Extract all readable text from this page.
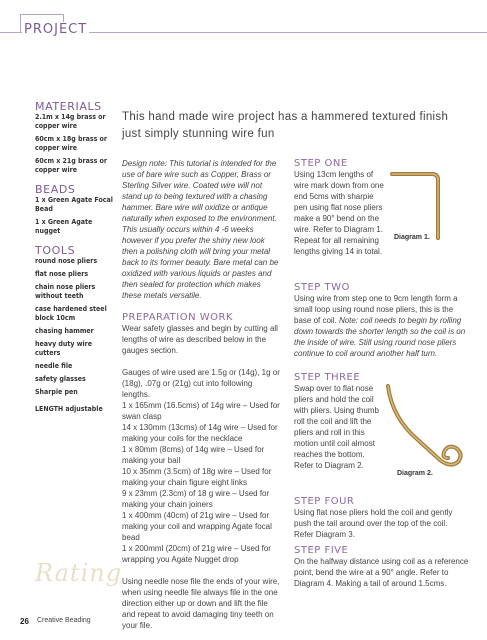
PROJECT
MATERIALS
2.1m x 14g brass or copper wire
60cm x 18g brass or copper wire
60cm x 21g brass or copper wire
BEADS
1 x Green Agate Focal Bead
1 x Green Agate nugget
TOOLS
round nose pliers
flat nose pliers
chain nose pliers without teeth
case hardened steel block 10cm
chasing hammer
heavy duty wire cutters
needle file
safety glasses
Sharpie pen
LENGTH adjustable
This hand made wire project has a hammered textured finish just simply stunning wire fun

Design note: This tutorial is intended for the use of bare wire such as Copper, Brass or Sterling Silver wire. Coated wire will not stand up to being textured with a chasing hammer. Bare wire will oxidize or antique naturally when exposed to the environment. This usually occurs within 4 -6 weeks however if you prefer the shiny new look then a polishing cloth will bring your metal back to its former beauty. Bare metal can be

oxidized with various liquids or pastes and then sealed for protection which makes these metals versatile.

PREPARATION WORK

Wear safety glasses and begin by cutting all lengths of wire as described below in the gauges section.

Gauges of wire used are 1.5g or (14g), 1g or (18g), .07g or (21g) cut into following lengths.

1 x 165mm (16.5cms) of 14g wire – Used for swan clasp

14 x 130mm (13cms) of 14g wire – Used for making your coils for the necklace

1 x 80mm (8cms) of 14g wire – Used for making your bail

10 x 35mm (3.5cm) of 18g wire – Used for making your chain figure eight links

9 x 23mm (2.3cm) of 18 g wire – Used for making your chain joiners

1 x 400mm (40cm) of 21g wire – Used for making your coil and wrapping Agate focal bead

1 x 200mml (20cm) of 21g wire – Used for wrapping you Agate Nugget drop

Using needle nose file the ends of your wire, when using needle file always file in the one direction either up or down and lift the file and repeat to avoid damaging tiny teeth on your file.

STEP ONE

Using 13cm lengths of wire mark down from one end 5cms with sharpie pen using flat nose pliers make a 90° bend on the wire. Refer to Diagram 1. Repeat for all remaining lengths giving 14 in total.

Diagram 1.

STEP TWO

Using wire from step one to 9cm length form a small loop using round nose pliers, this is the base of coil. Note: coil needs to begin by rolling down towards the shorter length so the coil is on the inside of wire. Still using round nose pliers continue to coil around another half turn.

STEP THREE

Swap over to flat nose pliers and hold the coil with pliers. Using thumb roll the coil and lift the pliers and roll in this motion until coil almost reaches the bottom. Refer to Diagram 2.

Diagram 2.

STEP FOUR

Using flat nose pliers hold the coil and gently push the tail around over the top of the coil. Refer Diagram 3.

STEP FIVE

On the halfway distance using coil as a reference point, bend the wire at a 90° angle. Refer to Diagram 4. Making a tail of around 1.5cms.

Rating
26 Creative Beading
